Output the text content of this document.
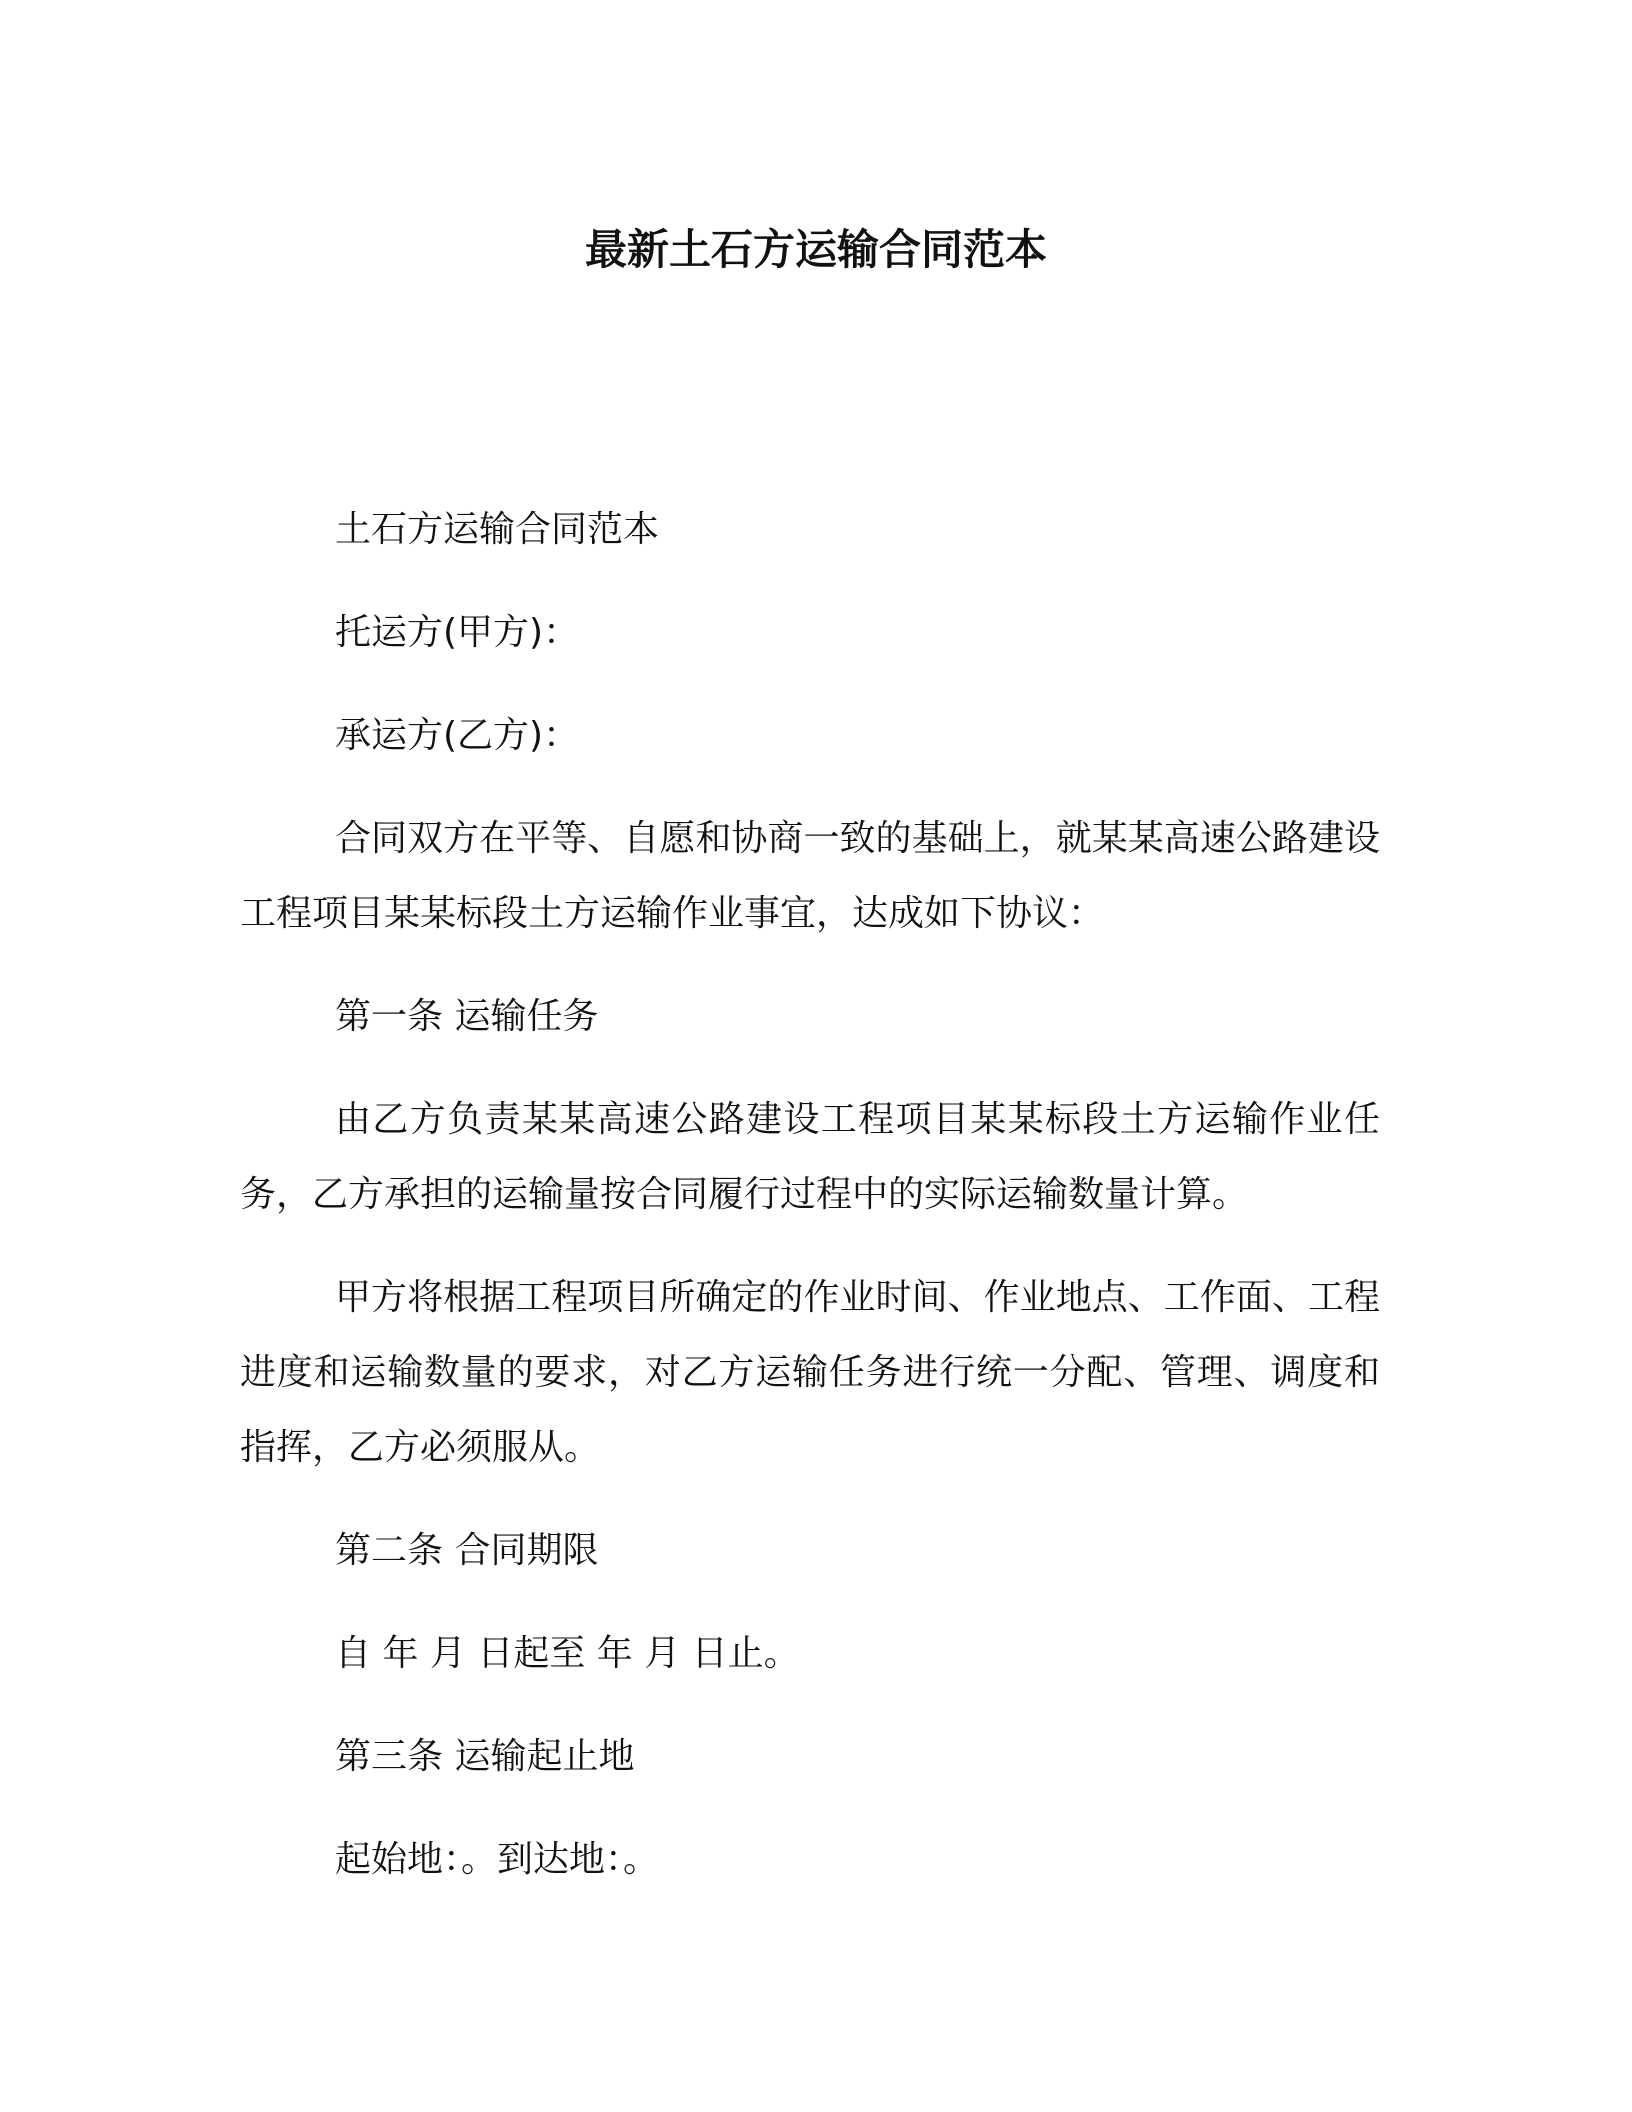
最新土石方运输合同范本

土石方运输合同范本

托运方(甲方)：

承运方(乙方)：

合同双方在平等、自愿和协商一致的基础上，就某某高速公路建设工程项目某某标段土方运输作业事宜，达成如下协议：

第一条 运输任务

由乙方负责某某高速公路建设工程项目某某标段土方运输作业任务，乙方承担的运输量按合同履行过程中的实际运输数量计算。

甲方将根据工程项目所确定的作业时间、作业地点、工作面、工程进度和运输数量的要求，对乙方运输任务进行统一分配、管理、调度和指挥，乙方必须服从。

第二条 合同期限

自 年 月 日起至 年 月 日止。

第三条 运输起止地

起始地：。到达地：。
